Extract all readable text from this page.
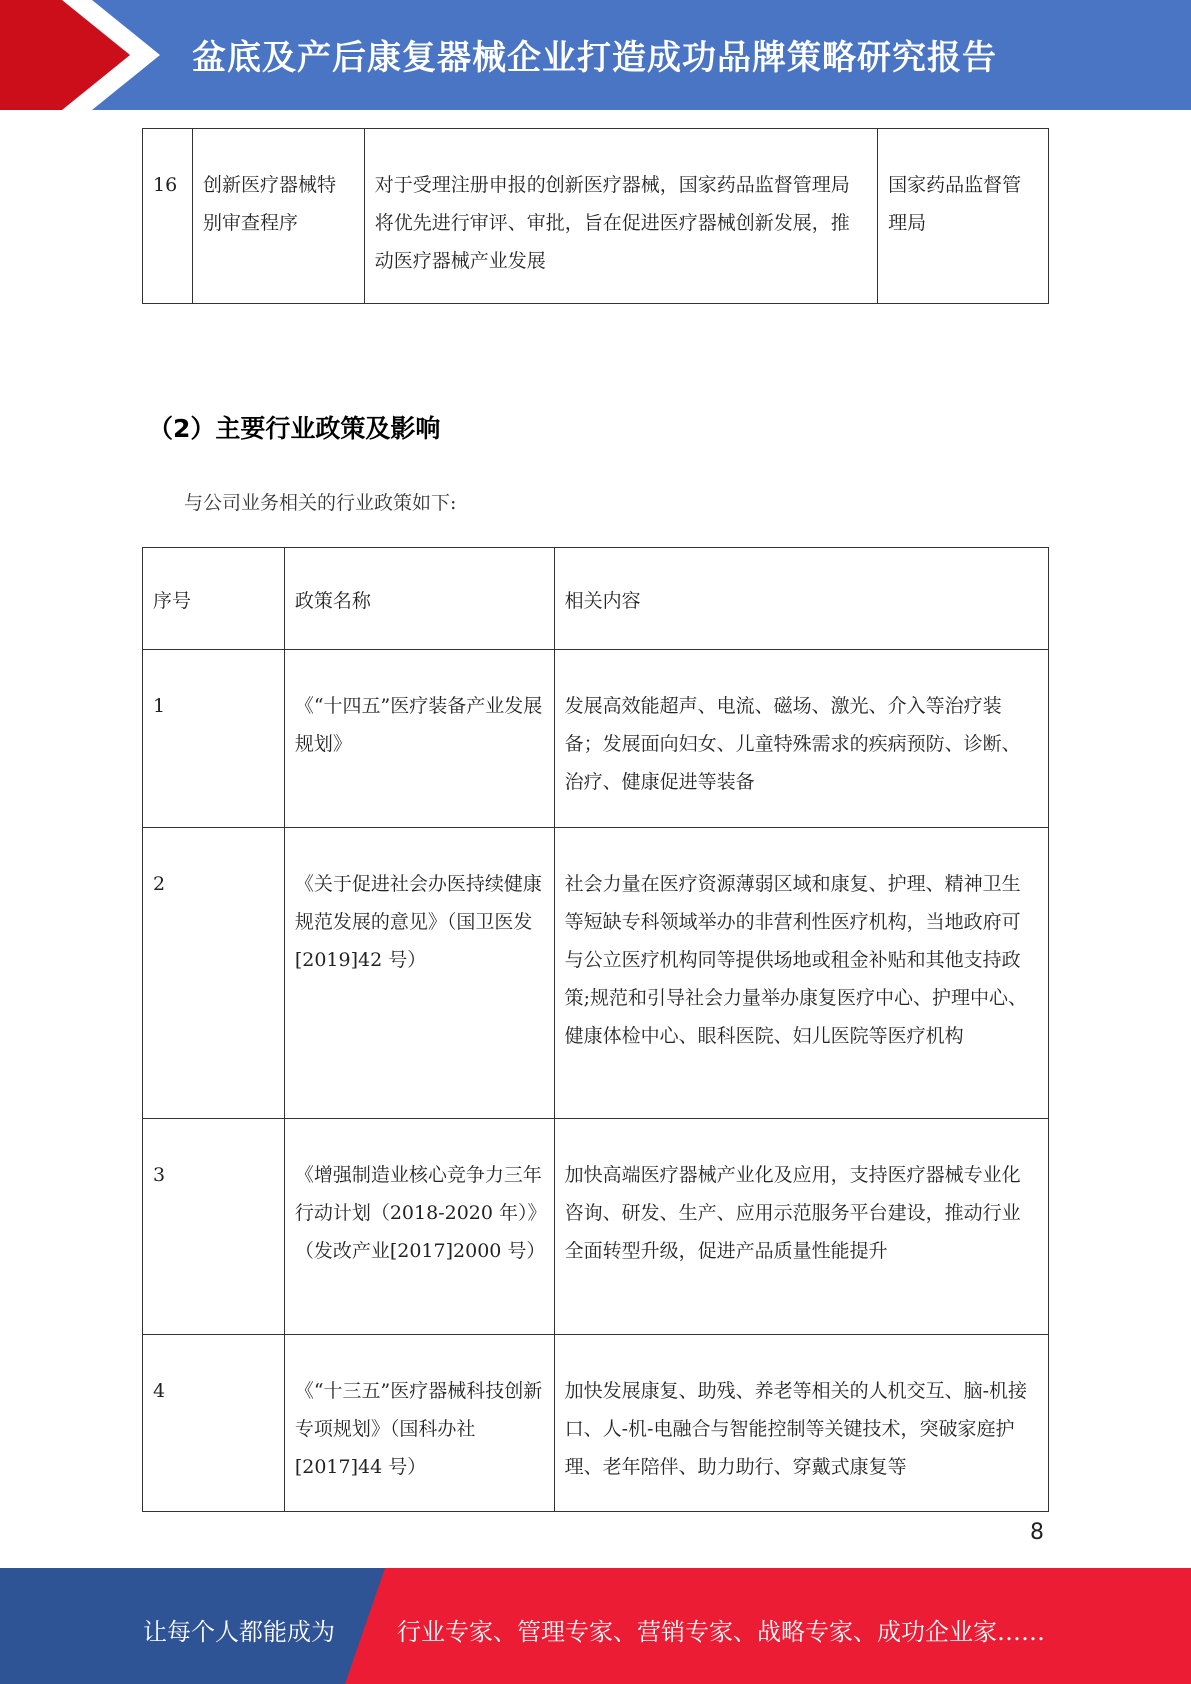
盆底及产后康复器械企业打造成功品牌策略研究报告
16	创新医疗器械特别审查程序	对于受理注册申报的创新医疗器械，国家药品监督管理局将优先进行审评、审批，旨在促进医疗器械创新发展，推动医疗器械产业发展	国家药品监督管理局
（2）主要行业政策及影响
与公司业务相关的行业政策如下:
序号	政策名称	相关内容
1	《“十四五”医疗装备产业发展规划》	发展高效能超声、电流、磁场、激光、介入等治疗装备；发展面向妇女、儿童特殊需求的疾病预防、诊断、治疗、健康促进等装备
2	《关于促进社会办医持续健康规范发展的意见》（国卫医发[2019]42 号）	社会力量在医疗资源薄弱区域和康复、护理、精神卫生等短缺专科领域举办的非营利性医疗机构，当地政府可与公立医疗机构同等提供场地或租金补贴和其他支持政策;规范和引导社会力量举办康复医疗中心、护理中心、健康体检中心、眼科医院、妇儿医院等医疗机构
3	《增强制造业核心竞争力三年行动计划（2018-2020 年）》（发改产业[2017]2000 号）	加快高端医疗器械产业化及应用，支持医疗器械专业化咨询、研发、生产、应用示范服务平台建设，推动行业全面转型升级，促进产品质量性能提升
4	《“十三五”医疗器械科技创新专项规划》（国科办社[2017]44 号）	加快发展康复、助残、养老等相关的人机交互、脑-机接口、人-机-电融合与智能控制等关键技术，突破家庭护理、老年陪伴、助力助行、穿戴式康复等
8
让每个人都能成为	行业专家、管理专家、营销专家、战略专家、成功企业家……
